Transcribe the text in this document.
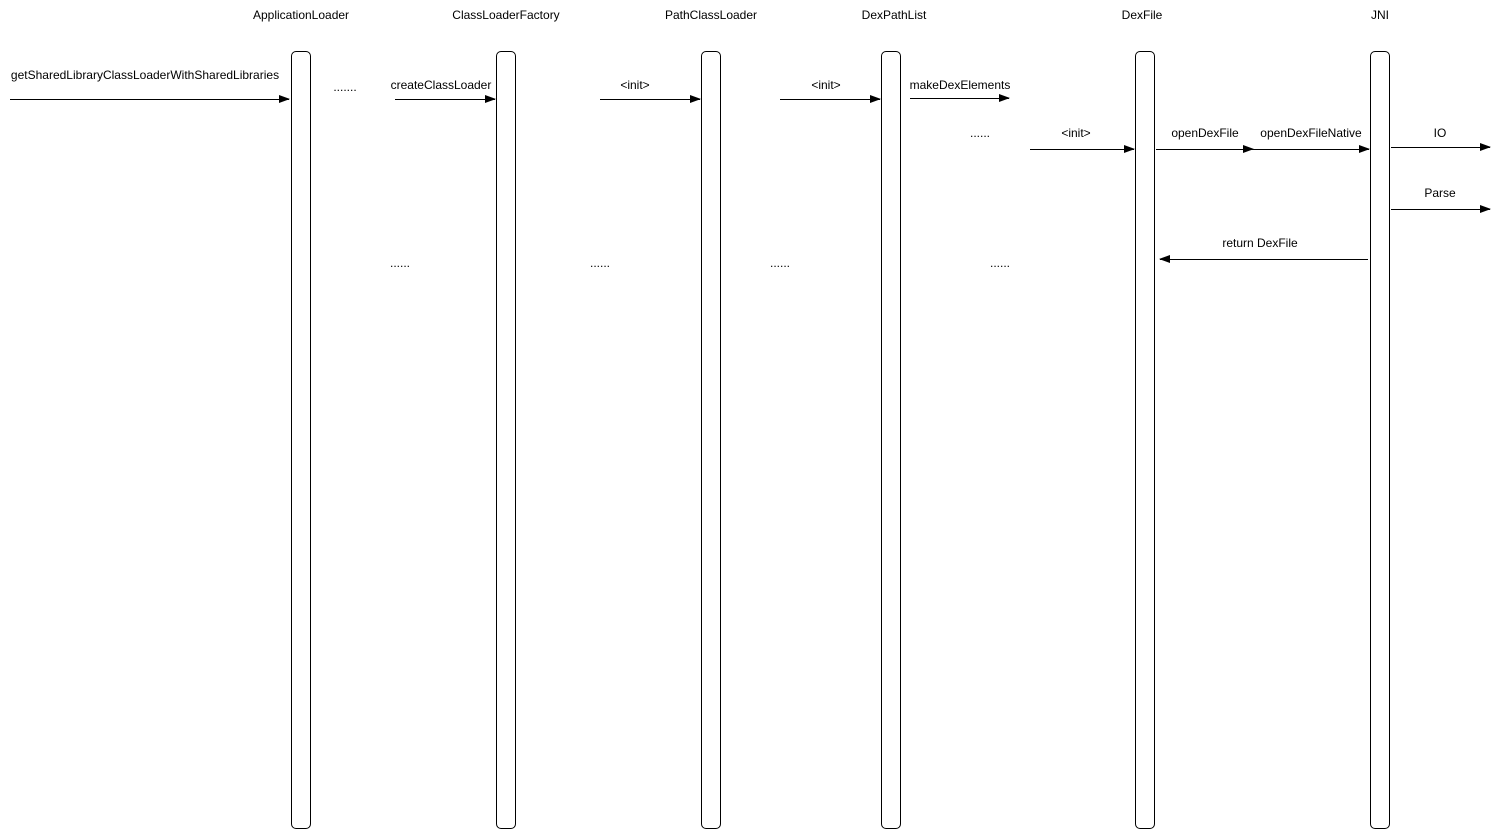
ApplicationLoader	ClassLoaderFactory	PathClassLoader	DexPathList	DexFile	JNI
getSharedLibraryClassLoaderWithSharedLibraries
.......	createClassLoader	<init>	<init>	makeDexElements
......	<init>	openDexFile openDexFileNative	IO
Parse
return DexFile
......	......	......	......
